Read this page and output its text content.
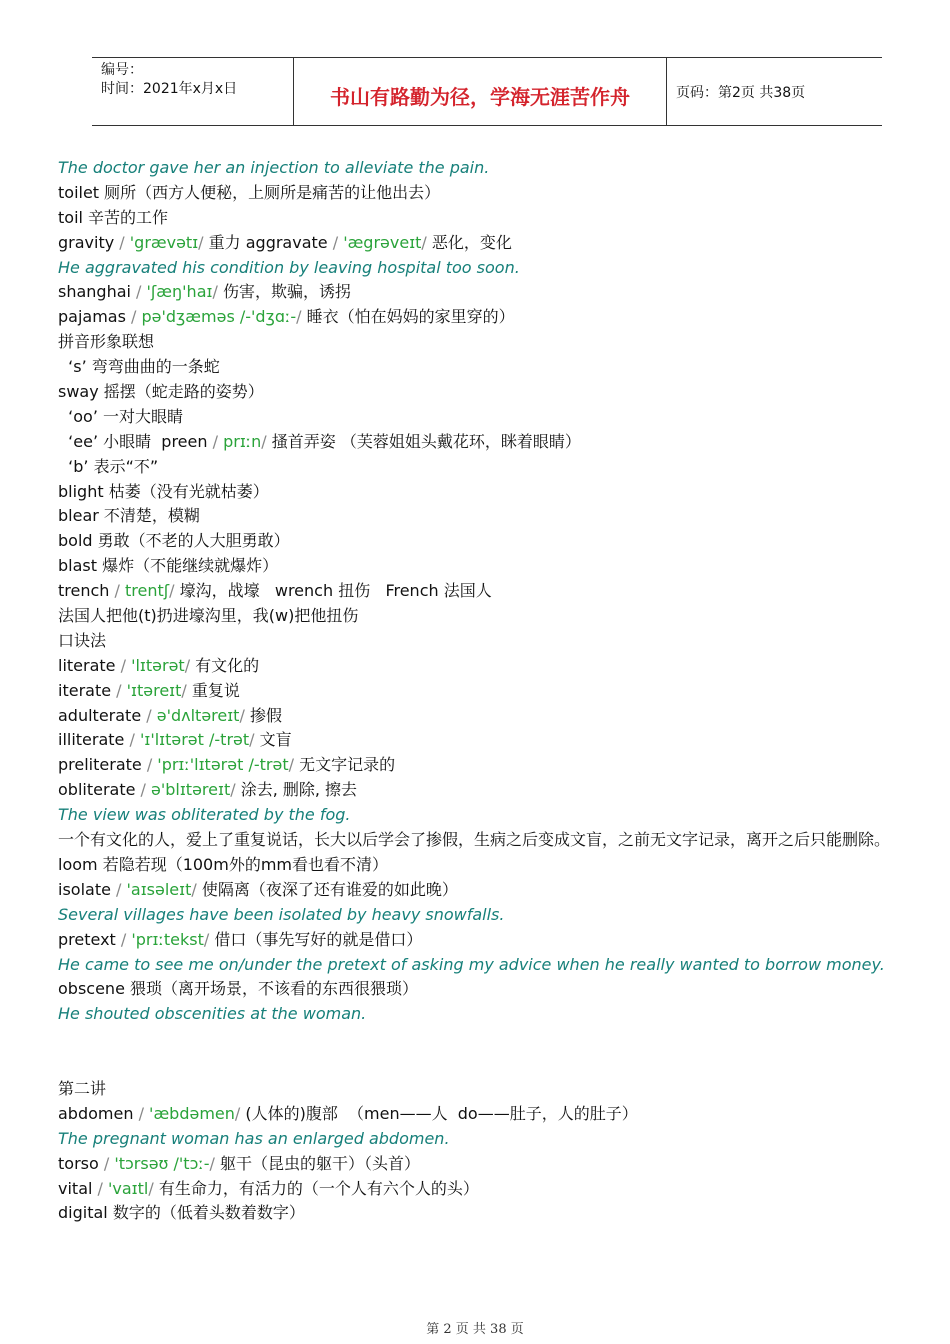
编号：
时间：2021年x月x日	书山有路勤为径，学海无涯苦作舟	页码：第2页 共38页
The doctor gave her an injection to alleviate the pain.
toilet 厕所（西方人便秘，上厕所是痛苦的让他出去）
toil 辛苦的工作
gravity / 'grævətɪ/ 重力 aggravate / 'ægrəveɪt/ 恶化，变化
He aggravated his condition by leaving hospital too soon.
shanghai / 'ʃæŋ'haɪ/ 伤害，欺骗，诱拐
pajamas / pə'dʒæməs /-'dʒɑː-/ 睡衣（怕在妈妈的家里穿的）
拼音形象联想
‘s’ 弯弯曲曲的一条蛇
sway 摇摆（蛇走路的姿势）
‘oo’ 一对大眼睛
‘ee’ 小眼睛  preen / prɪːn/ 搔首弄姿 （芙蓉姐姐头戴花环，眯着眼睛）
‘b’ 表示“不”
blight 枯萎（没有光就枯萎）
blear 不清楚，模糊
bold 勇敢（不老的人大胆勇敢）
blast 爆炸（不能继续就爆炸）
trench / trentʃ/ 壕沟，战壕   wrench 扭伤   French 法国人
法国人把他(t)扔进壕沟里，我(w)把他扭伤
口诀法
literate / 'lɪtərət/ 有文化的
iterate / 'ɪtəreɪt/ 重复说
adulterate / ə'dʌltəreɪt/ 掺假
illiterate / 'ɪ'lɪtərət /-trət/ 文盲
preliterate / 'prɪː'lɪtərət /-trət/ 无文字记录的
obliterate / ə'blɪtəreɪt/ 涂去, 删除, 擦去
The view was obliterated by the fog.
一个有文化的人，爱上了重复说话，长大以后学会了掺假，生病之后变成文盲，之前无文字记录，离开之后只能删除。
loom 若隐若现（100m外的mm看也看不清）
isolate / 'aɪsəleɪt/ 使隔离（夜深了还有谁爱的如此晚）
Several villages have been isolated by heavy snowfalls.
pretext / 'prɪːtekst/ 借口（事先写好的就是借口）
He came to see me on/under the pretext of asking my advice when he really wanted to borrow money.
obscene 猥琐（离开场景，不该看的东西很猥琐）
He shouted obscenities at the woman.
第二讲
abdomen / 'æbdəmen/ (人体的)腹部  （men——人  do——肚子，人的肚子）
The pregnant woman has an enlarged abdomen.
torso / 'tɔrsəʊ /'tɔː-/ 躯干（昆虫的躯干）（头首）
vital / 'vaɪtl/ 有生命力，有活力的（一个人有六个人的头）
digital 数字的（低着头数着数字）
第 2 页 共 38 页
